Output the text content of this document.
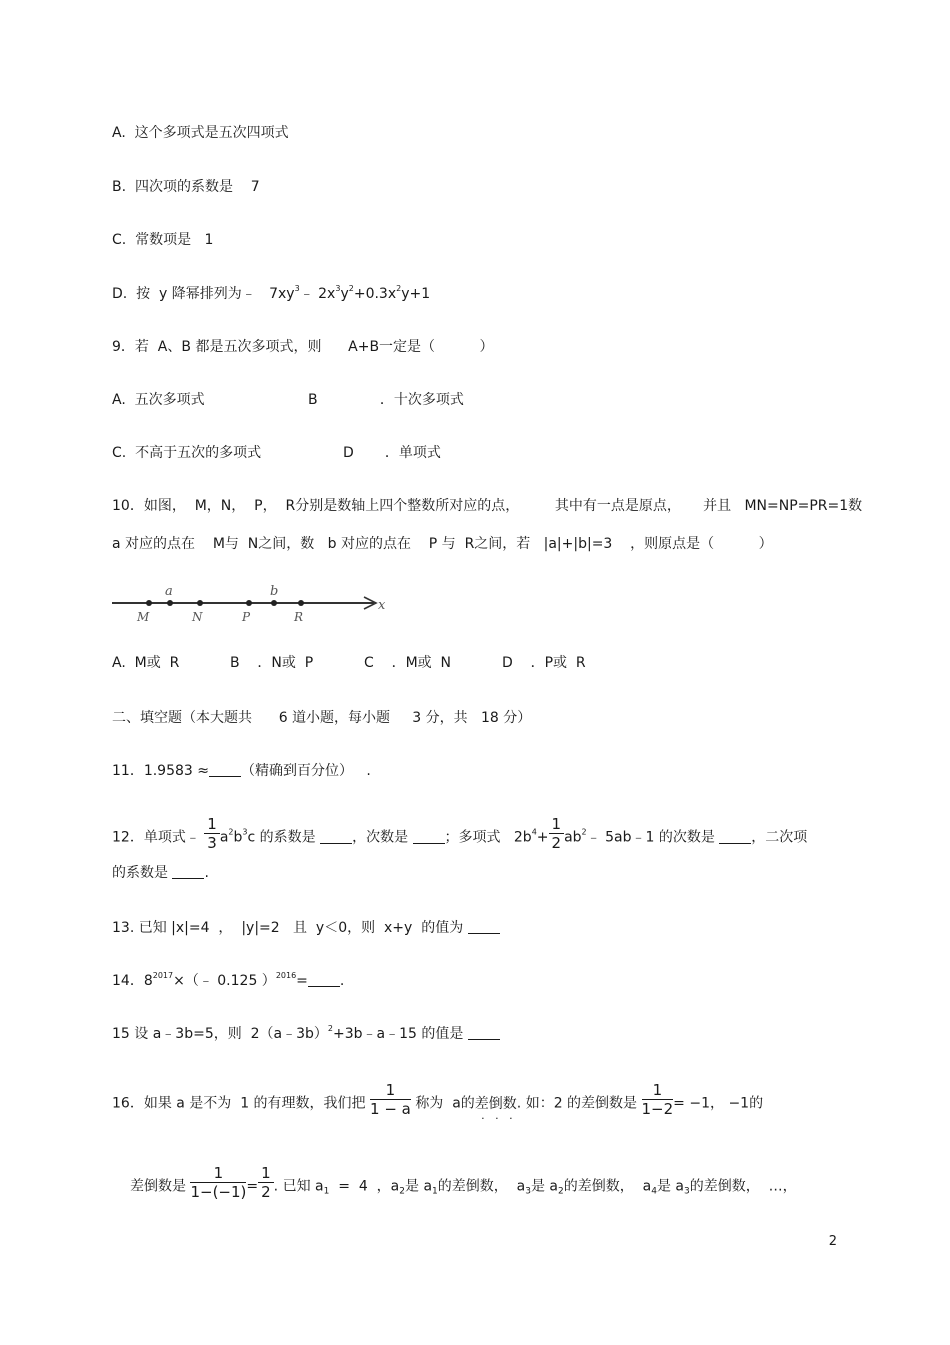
A.  这个多项式是五次四项式
B.  四次项的系数是    7
C.  常数项是   1
D.  按  y 降幂排列为﹣   $7xy^3﹣$ $2x^3y^2+0.3x^2y+1$
9．若  A、B 都是五次多项式，则      A+B一定是（          ）
A.  五次多项式	B              ．十次多项式
C.  不高于五次的多项式	D       ．单项式
10．如图，  M，N，  P，  R分别是数轴上四个整数所对应的点，        其中有一点是原点，     并且   MN=NP=PR=1数
a 对应的点在    M与  N之间，数   b 对应的点在    P 与  R之间，若   |a|+|b|=3    ，则原点是（          ）
x
a	b
M	N	P	R
A.  M或  R	B    ．N或  P	C    ．M或  N	D    ．P或  R
二、填空题（本大题共      6 道小题，每小题     3 分，共   18 分）
11．1.9583 ≈ （精确到百分位）   .
12．单项式﹣ $\frac{1}{3} a^2b^3c$ 的系数是 ，次数是 ；多项式   $2b^4+ \frac{1}{2}$ $ab^2﹣$ 5ab﹣1 的次数是 ，二次项
的系数是 .
13. 已知 |x|=4  ，  |y|=2   且  y＜0，则  x+y  的值为
14．$8^{2017}\times(﹣$ 0.125 ）$^{2016}$= .
15 设 a﹣3b=5，则  2（a﹣3b）$^2$+3b﹣a﹣15 的值是
16．如果 a 是不为  1 的有理数，我们把 $\frac{1}{1 - a}$ 称为  a的差倒数. 如：2 的差倒数是 $\frac{1}{1-2} = -1$， −1的
差倒数是 $\frac{1}{1-(-1)} = \frac{1}{2}$ . 已知 $a_1 = 4$  ，$a_2$是 $a_1$的差倒数，  $a_3$是 $a_2$的差倒数，  $a_4$是 $a_3$的差倒数，  …，
2
